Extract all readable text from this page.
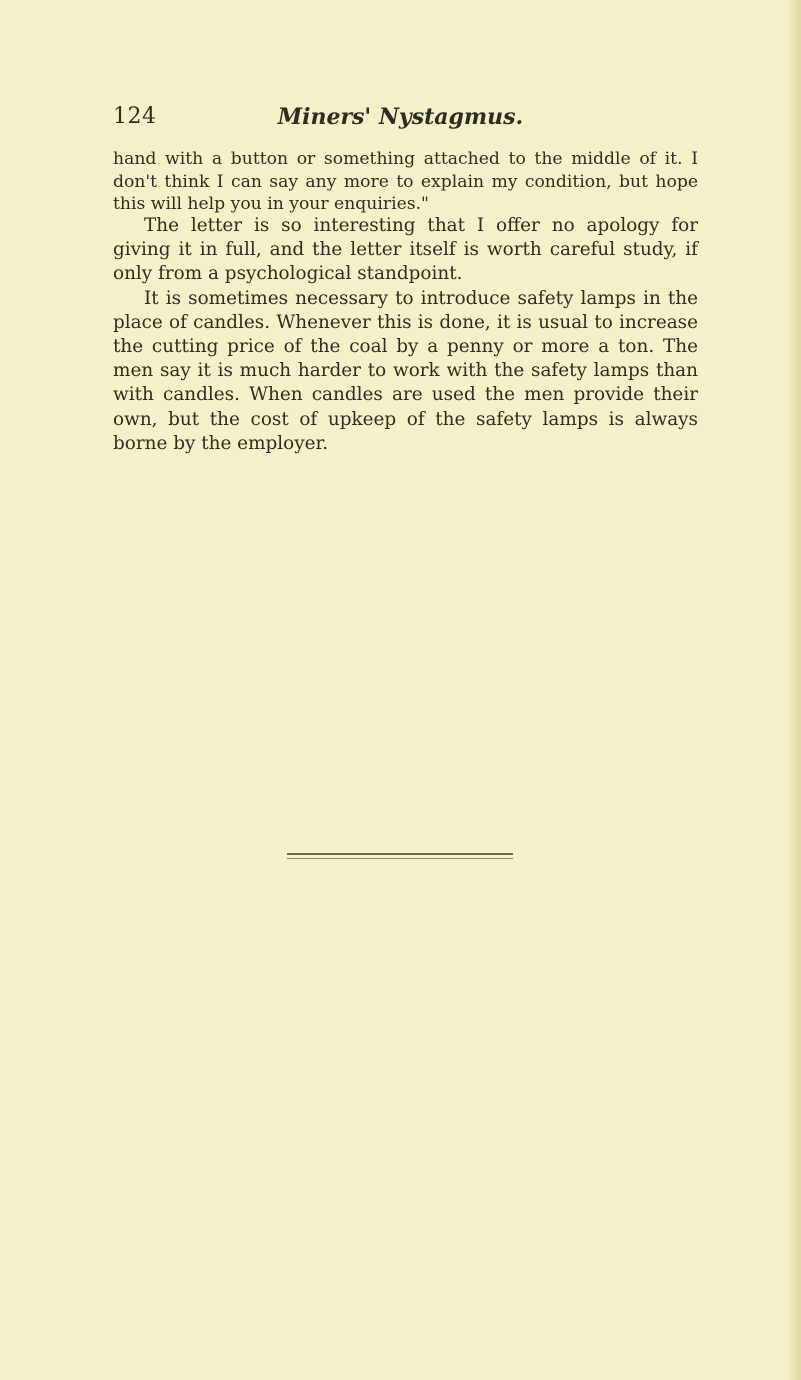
124	Miners' Nystagmus.

hand with a button or something attached to the middle of it. I don't think I can say any more to explain my condition, but hope this will help you in your enquiries."

The letter is so interesting that I offer no apology for giving it in full, and the letter itself is worth careful study, if only from a psychological standpoint.

It is sometimes necessary to introduce safety lamps in the place of candles. Whenever this is done, it is usual to increase the cutting price of the coal by a penny or more a ton. The men say it is much harder to work with the safety lamps than with candles. When candles are used the men provide their own, but the cost of upkeep of the safety lamps is always borne by the employer.
